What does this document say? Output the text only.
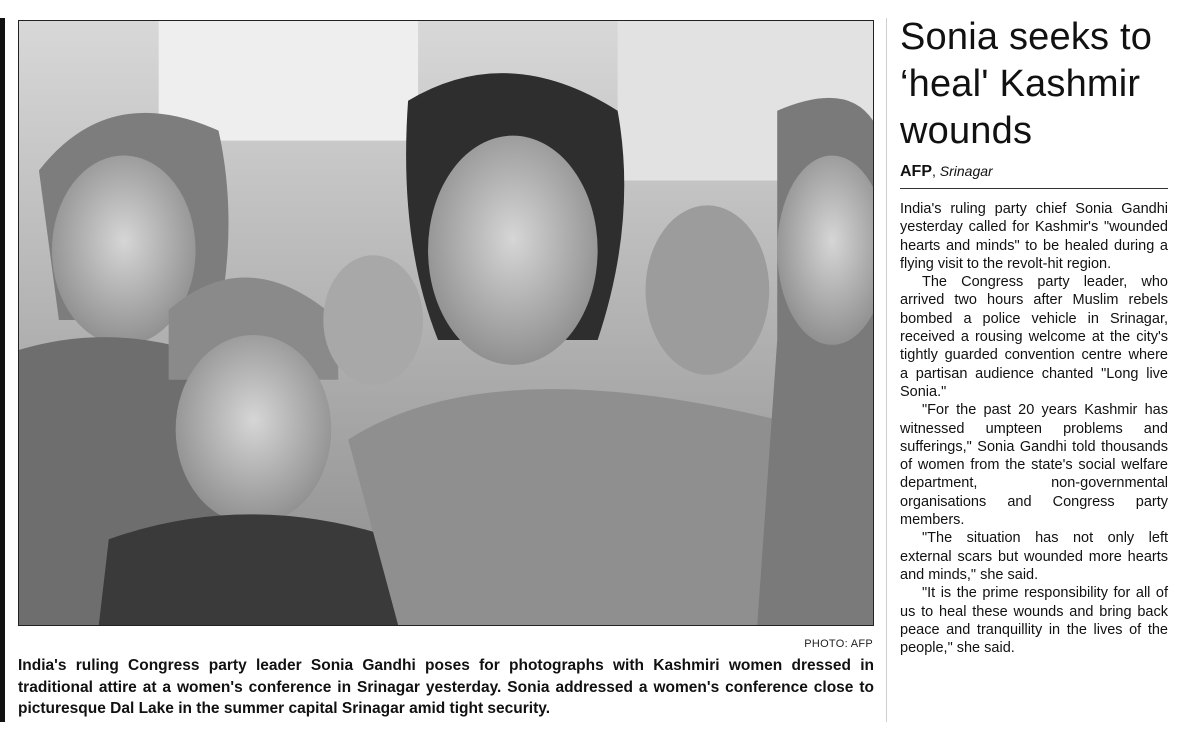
PHOTO: AFP
India's ruling Congress party leader Sonia Gandhi poses for photographs with Kashmiri women dressed in traditional attire at a women's conference in Srinagar yesterday. Sonia addressed a women's conference close to picturesque Dal Lake in the summer capital Srinagar amid tight security.
Sonia seeks to ‘heal' Kashmir wounds
AFP, Srinagar

India's ruling party chief Sonia Gandhi yesterday called for Kashmir's "wounded hearts and minds" to be healed during a flying visit to the revolt-hit region.

The Congress party leader, who arrived two hours after Muslim rebels bombed a police vehicle in Srinagar, received a rousing welcome at the city's tightly guarded convention centre where a partisan audience chanted "Long live Sonia."

"For the past 20 years Kashmir has witnessed umpteen problems and sufferings," Sonia Gandhi told thousands of women from the state's social welfare department, non-governmental organisations and Congress party members.

"The situation has not only left external scars but wounded more hearts and minds," she said.

"It is the prime responsibility for all of us to heal these wounds and bring back peace and tranquillity in the lives of the people," she said.
